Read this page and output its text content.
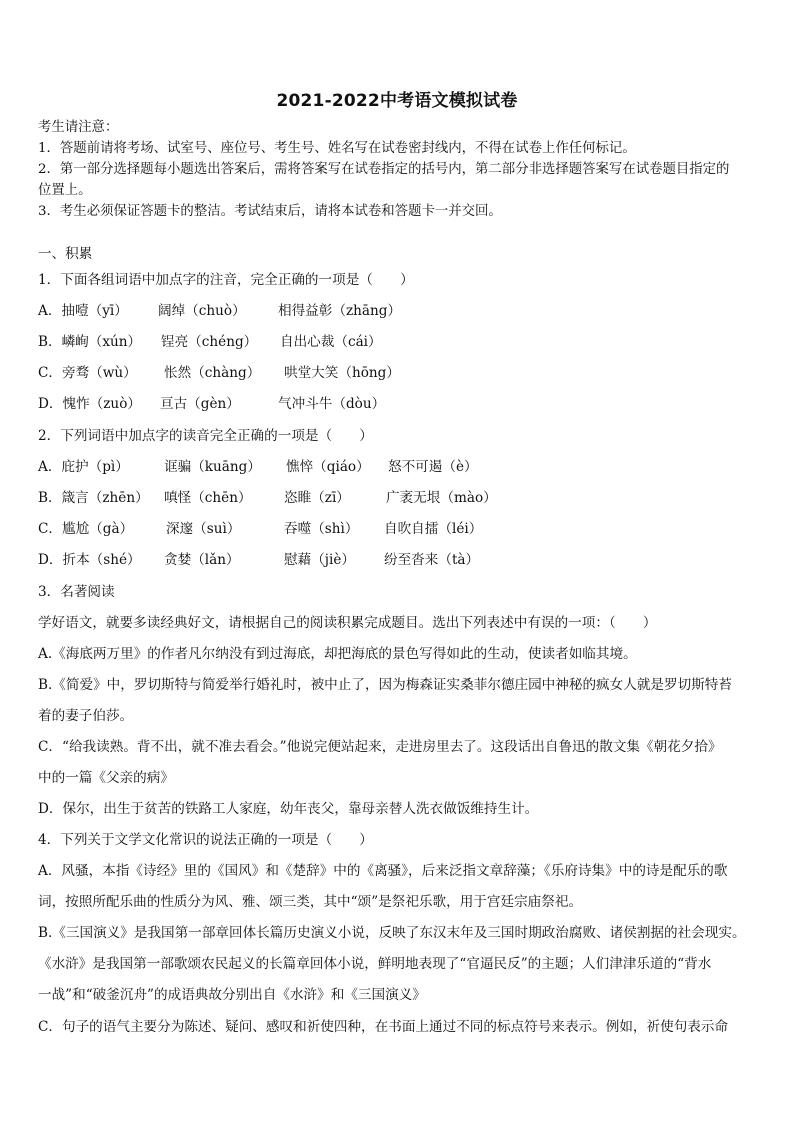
2021-2022中考语文模拟试卷
考生请注意：
1．答题前请将考场、试室号、座位号、考生号、姓名写在试卷密封线内，不得在试卷上作任何标记。
2．第一部分选择题每小题选出答案后，需将答案写在试卷指定的括号内，第二部分非选择题答案写在试卷题目指定的
位置上。
3．考生必须保证答题卡的整洁。考试结束后，请将本试卷和答题卡一并交回。
一、积累
1．下面各组词语中加点字的注音，完全正确的一项是（　　）
A．抽噎（yī） 阔绰（chuò） 相得益彰（zhāng）
B．嶙峋（xún） 锃亮（chéng） 自出心裁（cái）
C．旁骛（wù） 怅然（chàng） 哄堂大笑（hōng）
D．愧怍（zuò） 亘古（gèn）	气冲斗牛（dòu）
2．下列词语中加点字的读音完全正确的一项是（　　）
A．庇护（pì）	诓骗（kuāng） 憔悴（qiáo） 怒不可遏（è）
B．箴言（zhēn） 嗔怪（chēn） 恣睢（zī）	广袤无垠（mào）
C．尴尬（gà） 深邃（suì）	吞噬（shì） 自吹自擂（léi）
D．折本（shé） 贪婪（lǎn）	慰藉（jiè） 纷至沓来（tà）
3．名著阅读
学好语文，就要多读经典好文，请根据自己的阅读积累完成题目。选出下列表述中有误的一项：（　　）
A.《海底两万里》的作者凡尔纳没有到过海底，却把海底的景色写得如此的生动，使读者如临其境。
B.《简爱》中，罗切斯特与简爱举行婚礼时，被中止了，因为梅森证实桑菲尔德庄园中神秘的疯女人就是罗切斯特苔
着的妻子伯莎。
C．“给我读熟。背不出，就不准去看会。”他说完便站起来，走进房里去了。这段话出自鲁迅的散文集《朝花夕拾》
中的一篇《父亲的病》
D．保尔，出生于贫苦的铁路工人家庭，幼年丧父，靠母亲替人洗衣做饭维持生计。
4．下列关于文学文化常识的说法正确的一项是（　　）
A．风骚，本指《诗经》里的《国风》和《楚辞》中的《离骚》，后来泛指文章辞藻；《乐府诗集》中的诗是配乐的歌
词，按照所配乐曲的性质分为风、雅、颂三类，其中“颂”是祭祀乐歌，用于宫廷宗庙祭祀。
B.《三国演义》是我国第一部章回体长篇历史演义小说，反映了东汉末年及三国时期政治腐败、诸侯割据的社会现实。
《水浒》是我国第一部歌颂农民起义的长篇章回体小说，鲜明地表现了“官逼民反”的主题；人们津津乐道的“背水
一战”和“破釜沉舟”的成语典故分别出自《水浒》和《三国演义》
C．句子的语气主要分为陈述、疑问、感叹和祈使四种，在书面上通过不同的标点符号来表示。例如，祈使句表示命
